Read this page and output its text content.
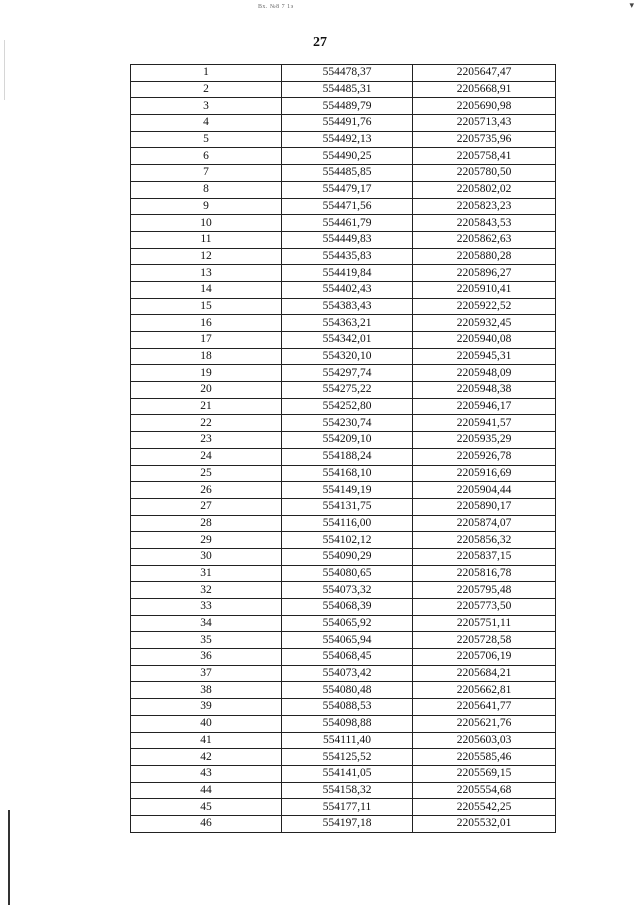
Вх. №8 7 1э	▾
27
1	554478,37	2205647,47
2	554485,31	2205668,91
3	554489,79	2205690,98
4	554491,76	2205713,43
5	554492,13	2205735,96
6	554490,25	2205758,41
7	554485,85	2205780,50
8	554479,17	2205802,02
9	554471,56	2205823,23
10	554461,79	2205843,53
11	554449,83	2205862,63
12	554435,83	2205880,28
13	554419,84	2205896,27
14	554402,43	2205910,41
15	554383,43	2205922,52
16	554363,21	2205932,45
17	554342,01	2205940,08
18	554320,10	2205945,31
19	554297,74	2205948,09
20	554275,22	2205948,38
21	554252,80	2205946,17
22	554230,74	2205941,57
23	554209,10	2205935,29
24	554188,24	2205926,78
25	554168,10	2205916,69
26	554149,19	2205904,44
27	554131,75	2205890,17
28	554116,00	2205874,07
29	554102,12	2205856,32
30	554090,29	2205837,15
31	554080,65	2205816,78
32	554073,32	2205795,48
33	554068,39	2205773,50
34	554065,92	2205751,11
35	554065,94	2205728,58
36	554068,45	2205706,19
37	554073,42	2205684,21
38	554080,48	2205662,81
39	554088,53	2205641,77
40	554098,88	2205621,76
41	554111,40	2205603,03
42	554125,52	2205585,46
43	554141,05	2205569,15
44	554158,32	2205554,68
45	554177,11	2205542,25
46	554197,18	2205532,01
